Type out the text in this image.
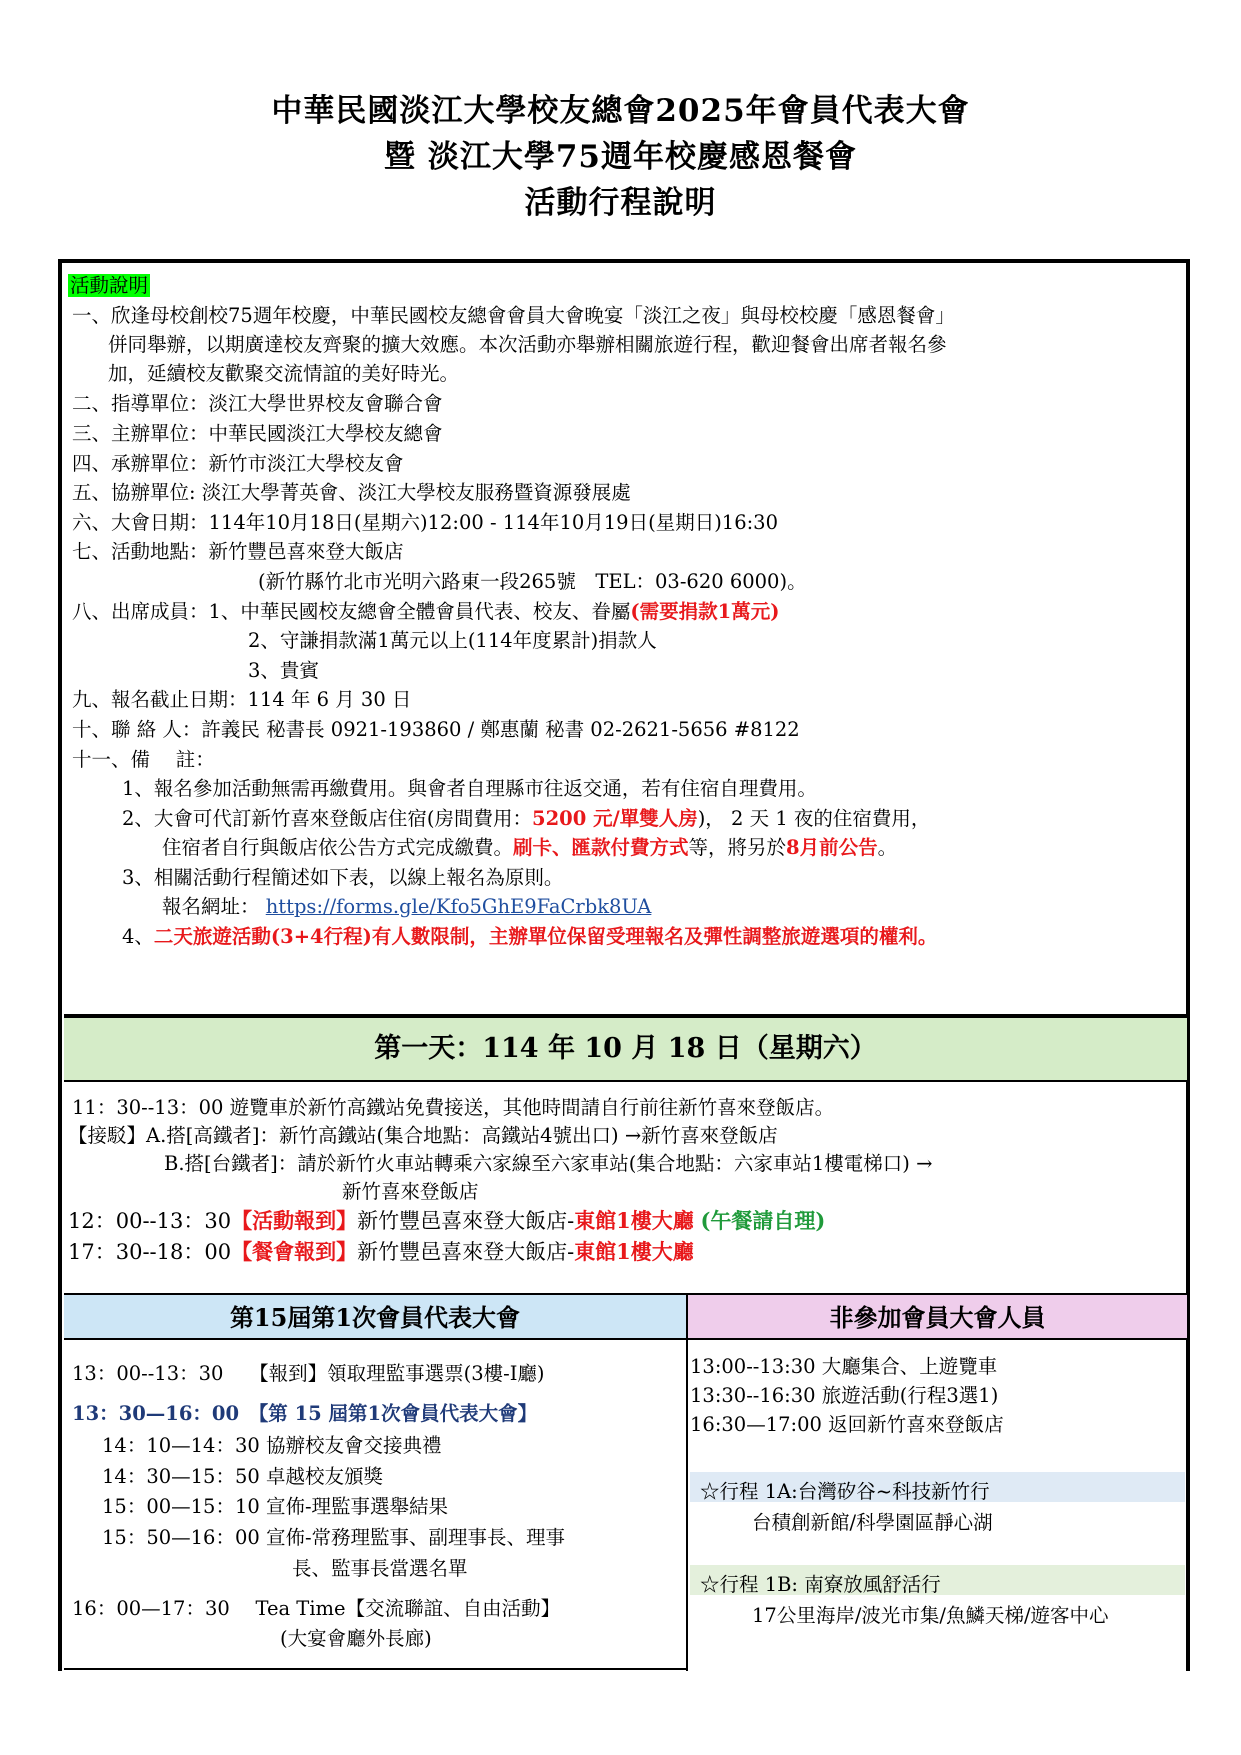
中華民國淡江大學校友總會2025年會員代表大會
暨 淡江大學75週年校慶感恩餐會
活動行程說明
活動說明
一、欣逢母校創校75週年校慶，中華民國校友總會會員大會晚宴「淡江之夜」與母校校慶「感恩餐會」
併同舉辦，以期廣達校友齊聚的擴大效應。本次活動亦舉辦相關旅遊行程，歡迎餐會出席者報名參
加，延續校友歡聚交流情誼的美好時光。
二、指導單位：淡江大學世界校友會聯合會
三、主辦單位：中華民國淡江大學校友總會
四、承辦單位：新竹市淡江大學校友會
五、協辦單位: 淡江大學菁英會、淡江大學校友服務暨資源發展處
六、大會日期：114年10月18日(星期六)12:00 - 114年10月19日(星期日)16:30
七、活動地點：新竹豐邑喜來登大飯店
(新竹縣竹北市光明六路東一段265號　TEL：03-620 6000)。
八、出席成員：1、中華民國校友總會全體會員代表、校友、眷屬(需要捐款1萬元)
2、守謙捐款滿1萬元以上(114年度累計)捐款人
3、貴賓
九、報名截止日期：114 年 6 月 30 日
十、聯 絡 人：許義民 秘書長 0921-193860 / 鄭惠蘭 秘書 02-2621-5656 #8122
十一、備　 註：
1、報名參加活動無需再繳費用。與會者自理縣市往返交通，若有住宿自理費用。
2、大會可代訂新竹喜來登飯店住宿(房間費用：5200 元/單雙人房)， 2 天 1 夜的住宿費用，
住宿者自行與飯店依公告方式完成繳費。刷卡、匯款付費方式等，將另於8月前公告。
3、相關活動行程簡述如下表，以線上報名為原則。
報名網址： https://forms.gle/Kfo5GhE9FaCrbk8UA
4、二天旅遊活動(3+4行程)有人數限制，主辦單位保留受理報名及彈性調整旅遊選項的權利。
第一天：114 年 10 月 18 日（星期六）
11：30--13：00 遊覽車於新竹高鐵站免費接送，其他時間請自行前往新竹喜來登飯店。
【接駁】A.搭[高鐵者]：新竹高鐵站(集合地點：高鐵站4號出口) →新竹喜來登飯店
B.搭[台鐵者]：請於新竹火車站轉乘六家線至六家車站(集合地點：六家車站1樓電梯口) →
新竹喜來登飯店
12：00--13：30【活動報到】新竹豐邑喜來登大飯店-東館1樓大廳 (午餐請自理)
17：30--18：00【餐會報到】新竹豐邑喜來登大飯店-東館1樓大廳
第15屆第1次會員代表大會	非參加會員大會人員
13：00--13：30　 【報到】領取理監事選票(3樓-I廳)
13：30—16：00　【第 15 屆第1次會員代表大會】
14：10—14：30 協辦校友會交接典禮
14：30—15：50 卓越校友頒獎
15：00—15：10 宣佈-理監事選舉結果
15：50—16：00 宣佈-常務理監事、副理事長、理事
長、監事長當選名單
16：00—17：30　 Tea Time【交流聯誼、自由活動】
(大宴會廳外長廊)
13:00--13:30 大廳集合、上遊覽車
13:30--16:30 旅遊活動(行程3選1)
16:30—17:00 返回新竹喜來登飯店
☆行程 1A:台灣矽谷~科技新竹行
台積創新館/科學園區靜心湖
☆行程 1B: 南寮放風舒活行
17公里海岸/波光市集/魚鱗天梯/遊客中心
